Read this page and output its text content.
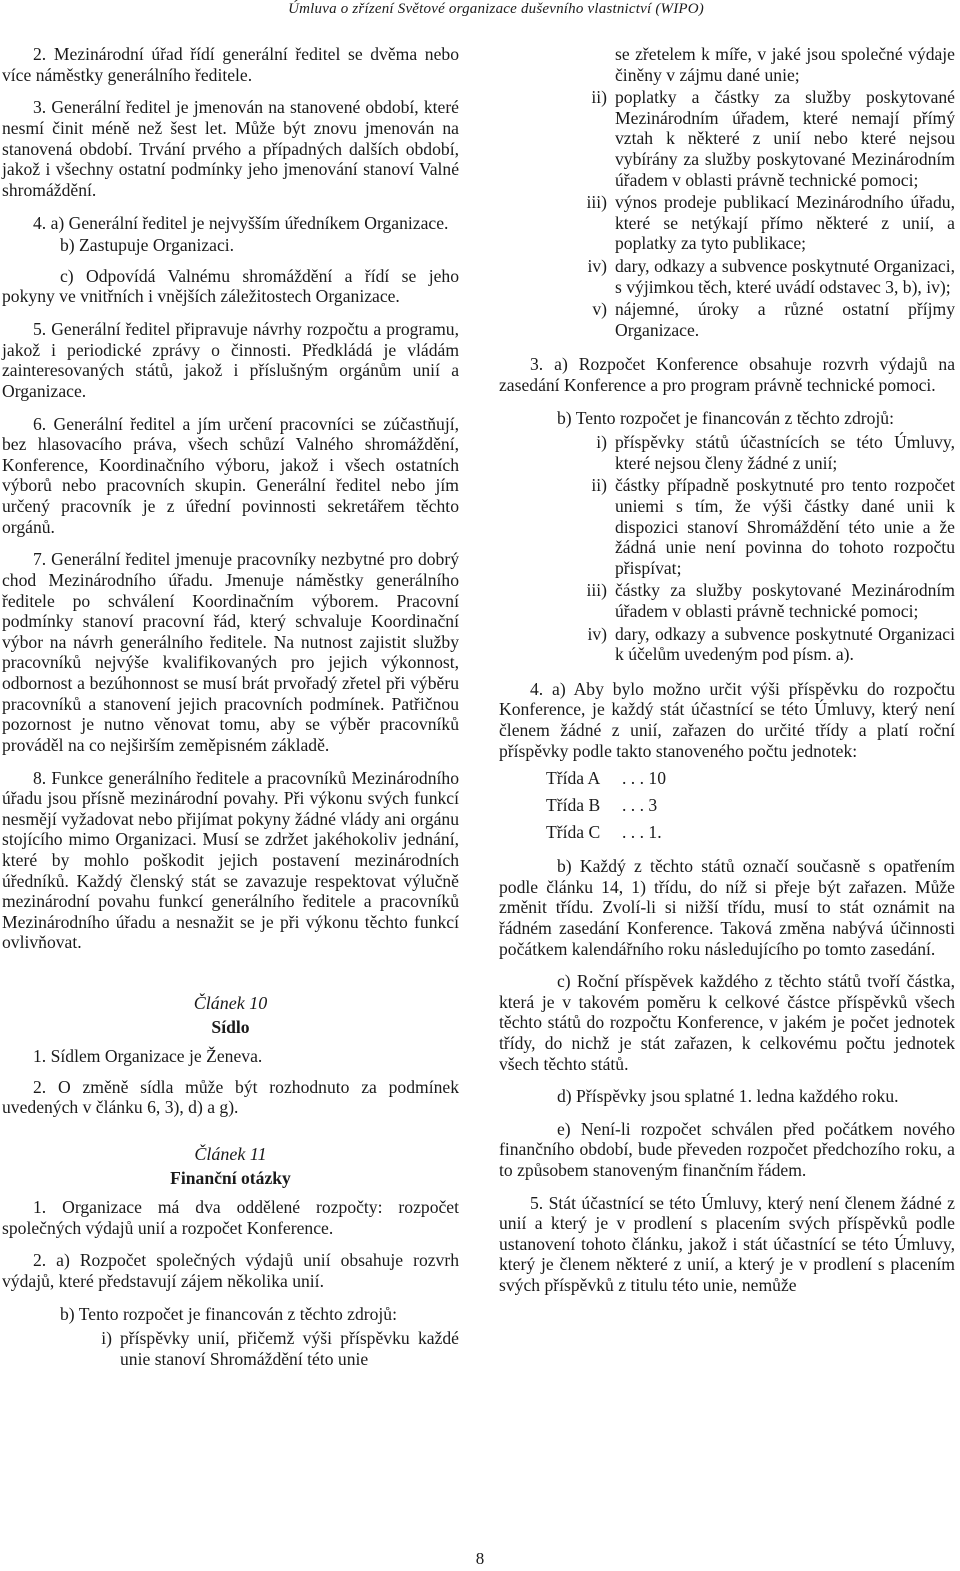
Úmluva o zřízení Světové organizace duševního vlastnictví (WIPO)

2. Mezinárodní úřad řídí generální ředitel se dvěma nebo více náměstky generálního ředitele.

3. Generální ředitel je jmenován na stanovené období, které nesmí činit méně než šest let. Může být znovu jmenován na stanovená období. Trvání prvého a případných dalších období, jakož i všechny ostatní podmínky jeho jmenování stanoví Valné shromáždění.

4. a) Generální ředitel je nejvyšším úředníkem Organizace.

b) Zastupuje Organizaci.

c) Odpovídá Valnému shromáždění a řídí se jeho pokyny ve vnitřních i vnějších záležitostech Organizace.

5. Generální ředitel připravuje návrhy rozpočtu a programu, jakož i periodické zprávy o činnosti. Předkládá je vládám zainteresovaných států, jakož i příslušným orgánům unií a Organizace.

6. Generální ředitel a jím určení pracovníci se zúčastňují, bez hlasovacího práva, všech schůzí Valného shromáždění, Konference, Koordinačního výboru, jakož i všech ostatních výborů nebo pracovních skupin. Generální ředitel nebo jím určený pracovník je z úřední povinnosti sekretářem těchto orgánů.

7. Generální ředitel jmenuje pracovníky nezbytné pro dobrý chod Mezinárodního úřadu. Jmenuje náměstky generálního ředitele po schválení Koordinačním výborem. Pracovní podmínky stanoví pracovní řád, který schvaluje Koordinační výbor na návrh generálního ředitele. Na nutnost zajistit služby pracovníků nejvýše kvalifikovaných pro jejich výkonnost, odbornost a bezúhonnost se musí brát prvořadý zřetel při výběru pracovníků a stanovení jejich pracovních podmínek. Patřičnou pozornost je nutno věnovat tomu, aby se výběr pracovníků prováděl na co nejširším zeměpisném základě.

8. Funkce generálního ředitele a pracovníků Mezinárodního úřadu jsou přísně mezinárodní povahy. Při výkonu svých funkcí nesmějí vyžadovat nebo přijímat pokyny žádné vlády ani orgánu stojícího mimo Organizaci. Musí se zdržet jakéhokoliv jednání, které by mohlo poškodit jejich postavení mezinárodních úředníků. Každý členský stát se zavazuje respektovat výlučně mezinárodní povahu funkcí generálního ředitele a pracovníků Mezinárodního úřadu a nesnažit se je při výkonu těchto funkcí ovlivňovat.

Článek 10
Sídlo

1. Sídlem Organizace je Ženeva.

2. O změně sídla může být rozhodnuto za podmínek uvedených v článku 6, 3), d) a g).

Článek 11
Finanční otázky

1. Organizace má dva oddělené rozpočty: rozpočet společných výdajů unií a rozpočet Konference.

2. a) Rozpočet společných výdajů unií obsahuje rozvrh výdajů, které představují zájem několika unií.

b) Tento rozpočet je financován z těchto zdrojů:

i) příspěvky unií, přičemž výši příspěvku každé unie stanoví Shromáždění této unie
se zřetelem k míře, v jaké jsou společné výdaje činěny v zájmu dané unie;
ii) poplatky a částky za služby poskytované Mezinárodním úřadem, které nemají přímý vztah k některé z unií nebo které nejsou vybírány za služby poskytované Mezinárodním úřadem v oblasti právně technické pomoci;
iii) výnos prodeje publikací Mezinárodního úřadu, které se netýkají přímo některé z unií, a poplatky za tyto publikace;
iv) dary, odkazy a subvence poskytnuté Organizaci, s výjimkou těch, které uvádí odstavec 3, b), iv);
v) nájemné, úroky a různé ostatní příjmy Organizace.

3. a) Rozpočet Konference obsahuje rozvrh výdajů na zasedání Konference a pro program právně technické pomoci.

b) Tento rozpočet je financován z těchto zdrojů:

i) příspěvky států účastnících se této Úmluvy, které nejsou členy žádné z unií;
ii) částky případně poskytnuté pro tento rozpočet uniemi s tím, že výši částky dané unii k dispozici stanoví Shromáždění této unie a že žádná unie není povinna do tohoto rozpočtu přispívat;
iii) částky za služby poskytované Mezinárodním úřadem v oblasti právně technické pomoci;
iv) dary, odkazy a subvence poskytnuté Organizaci k účelům uvedeným pod písm. a).

4. a) Aby bylo možno určit výši příspěvku do rozpočtu Konference, je každý stát účastnící se této Úmluvy, který není členem žádné z unií, zařazen do určité třídy a platí roční příspěvky podle takto stanoveného počtu jednotek:

Třída A	. . . 10
Třída B	. . . 3
Třída C	. . . 1.

b) Každý z těchto států označí současně s opatřením podle článku 14, 1) třídu, do níž si přeje být zařazen. Může změnit třídu. Zvolí-li si nižší třídu, musí to stát oznámit na řádném zasedání Konference. Taková změna nabývá účinnosti počátkem kalendářního roku následujícího po tomto zasedání.

c) Roční příspěvek každého z těchto států tvoří částka, která je v takovém poměru k celkové částce příspěvků všech těchto států do rozpočtu Konference, v jakém je počet jednotek třídy, do nichž je stát zařazen, k celkovému počtu jednotek všech těchto států.

d) Příspěvky jsou splatné 1. ledna každého roku.

e) Není-li rozpočet schválen před počátkem nového finančního období, bude převeden rozpočet předchozího roku, a to způsobem stanoveným finančním řádem.

5. Stát účastnící se této Úmluvy, který není členem žádné z unií a který je v prodlení s placením svých příspěvků podle ustanovení tohoto článku, jakož i stát účastnící se této Úmluvy, který je členem některé z unií, a který je v prodlení s placením svých příspěvků z titulu této unie, nemůže

8
